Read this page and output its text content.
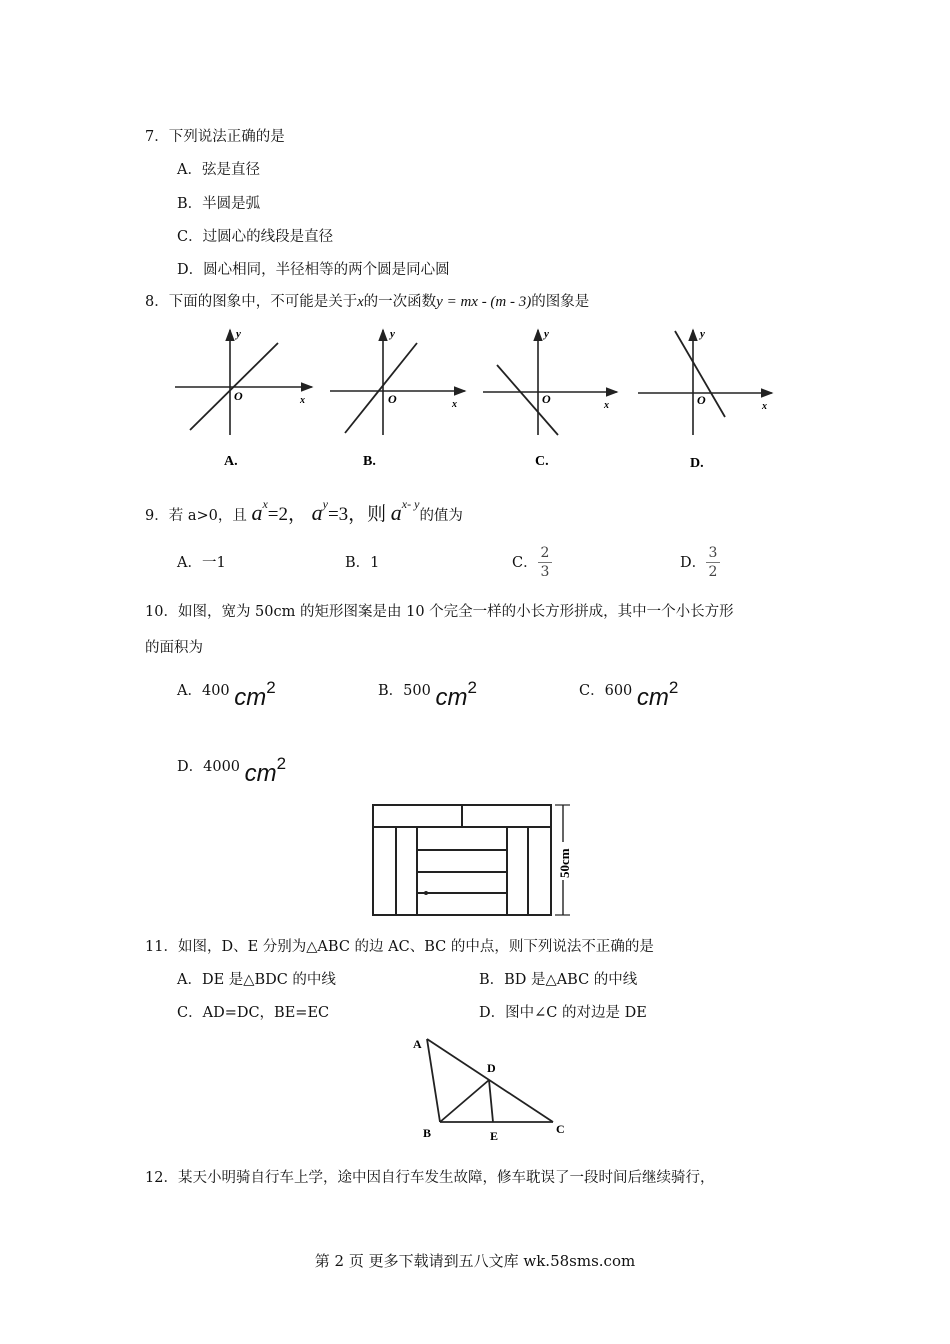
7．下列说法正确的是
A．弦是直径
B．半圆是弧
C．过圆心的线段是直径
D．圆心相同，半径相等的两个圆是同心圆
8．下面的图象中，不可能是关于x的一次函数y = mx - (m - 3)的图象是
y
x
O
A.
y
x
O
B.
y
x
O
C.
y
x
O
D.
9．若 a>0，且 $a^x=2$， $a^y=3$，则 $a^{x- y}$的值为
A．一1	B．1	C．
2
3
D．
3
2
10．如图，宽为 50cm 的矩形图案是由 10 个完全一样的小长方形拼成，其中一个小长方形
的面积为
A．400 cm2	B．500 cm2	C．600 cm2
D．4000 cm2
50cm
11．如图，D、E 分别为△ABC 的边 AC、BC 的中点，则下列说法不正确的是
A．DE 是△BDC 的中线	B．BD 是△ABC 的中线
C．AD=DC，BE=EC	D．图中∠C 的对边是 DE
A
B	C
D
E
12．某天小明骑自行车上学，途中因自行车发生故障，修车耽误了一段时间后继续骑行，
第 2 页 更多下载请到五八文库 wk.58sms.com
